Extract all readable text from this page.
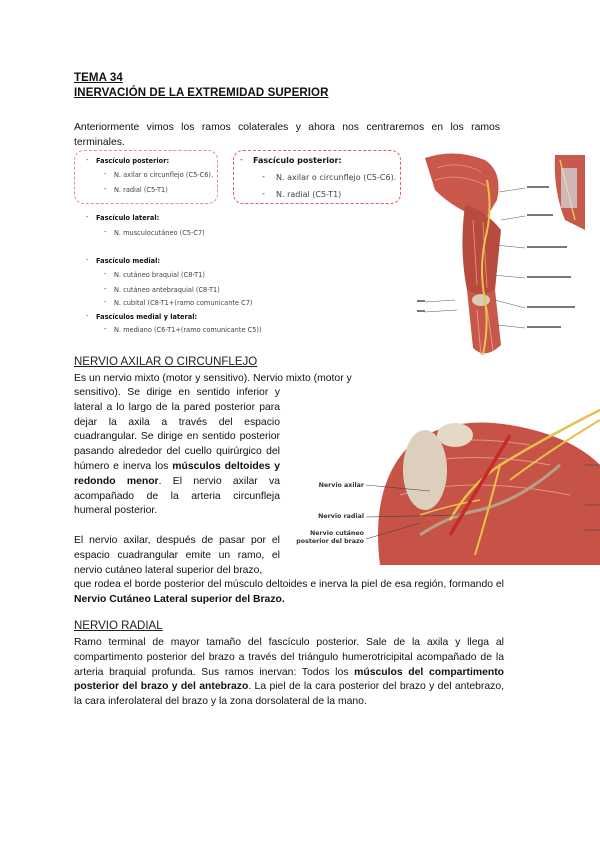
TEMA 34
INERVACIÓN DE LA EXTREMIDAD SUPERIOR
Anteriormente vimos los ramos colaterales y ahora nos centraremos en los ramos terminales.
- Fascículo posterior:
- N. axilar o circunflejo (C5-C6).
- N. radial (C5-T1)
- Fascículo lateral:
- N. musculocutáneo (C5-C7)
- Fascículo medial:
- N. cutáneo braquial (C8-T1)
- N. cutáneo antebraquial (C8-T1)
- N. cubital (C8-T1+(ramo comunicante C7)
- Fascículos medial y lateral:
- N. mediano (C6-T1+(ramo comunicante C5))
- Fascículo posterior:
- N. axilar o circunflejo (C5-C6).
- N. radial (C5-T1)
NERVIO AXILAR O CIRCUNFLEJO
Es un nervio mixto (motor y sensitivo). Nervio mixto (motor y
sensitivo). Se dirige en sentido inferior y lateral a lo largo de la pared posterior para dejar la axila a través del espacio cuadrangular. Se dirige en sentido posterior pasando alrededor del cuello quirúrgico del húmero e inerva los músculos deltoides y redondo menor. El nervio axilar va acompañado de la arteria circunfleja humeral posterior.
El nervio axilar, después de pasar por el espacio cuadrangular emite un ramo, el nervio cutáneo lateral superior del brazo,
que rodea el borde posterior del músculo deltoides e inerva la piel de esa región, formando el Nervio Cutáneo Lateral superior del Brazo.
Nervio axilar
Nervio radial
Nervio cutáneo
posterior del brazo
NERVIO RADIAL
Ramo terminal de mayor tamaño del fascículo posterior. Sale de la axila y llega al compartimento posterior del brazo a través del triángulo humerotricipital acompañado de la arteria braquial profunda. Sus ramos inervan: Todos los músculos del compartimento posterior del brazo y del antebrazo. La piel de la cara posterior del brazo y del antebrazo, la cara inferolateral del brazo y la zona dorsolateral de la mano.
